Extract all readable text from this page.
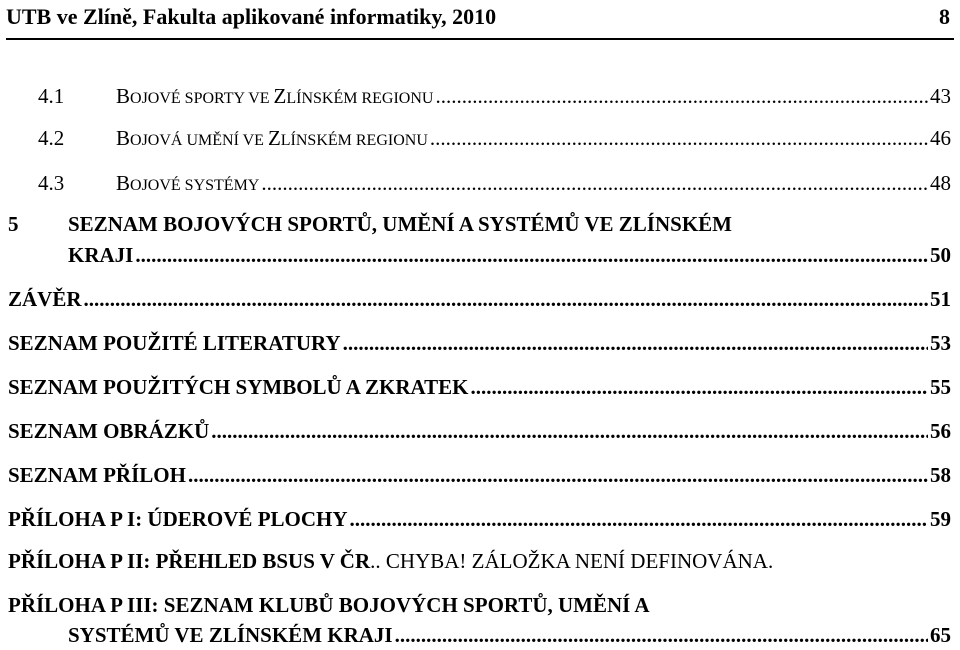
UTB ve Zlíně, Fakulta aplikované informatiky, 2010	8
4.1	BOJOVÉ SPORTY VE ZLÍNSKÉM REGIONU .....	43
4.2	BOJOVÁ UMĚNÍ VE ZLÍNSKÉM REGIONU .....	46
4.3	BOJOVÉ SYSTÉMY .....	48
5 SEZNAM BOJOVÝCH SPORTŮ, UMĚNÍ A SYSTÉMŮ VE ZLÍNSKÉM
KRAJI .....	50
ZÁVĚR .....	51
SEZNAM POUŽITÉ LITERATURY .....	53
SEZNAM POUŽITÝCH SYMBOLŮ A ZKRATEK .....	55
SEZNAM OBRÁZKŮ .....	56
SEZNAM PŘÍLOH .....	58
PŘÍLOHA P I: ÚDEROVÉ PLOCHY .....	59
PŘÍLOHA P II: PŘEHLED BSUS V ČR.. CHYBA! ZÁLOŽKA NENÍ DEFINOVÁNA.
PŘÍLOHA P III: SEZNAM KLUBŮ BOJOVÝCH SPORTŮ, UMĚNÍ A
SYSTÉMŮ VE ZLÍNSKÉM KRAJI .....	65
